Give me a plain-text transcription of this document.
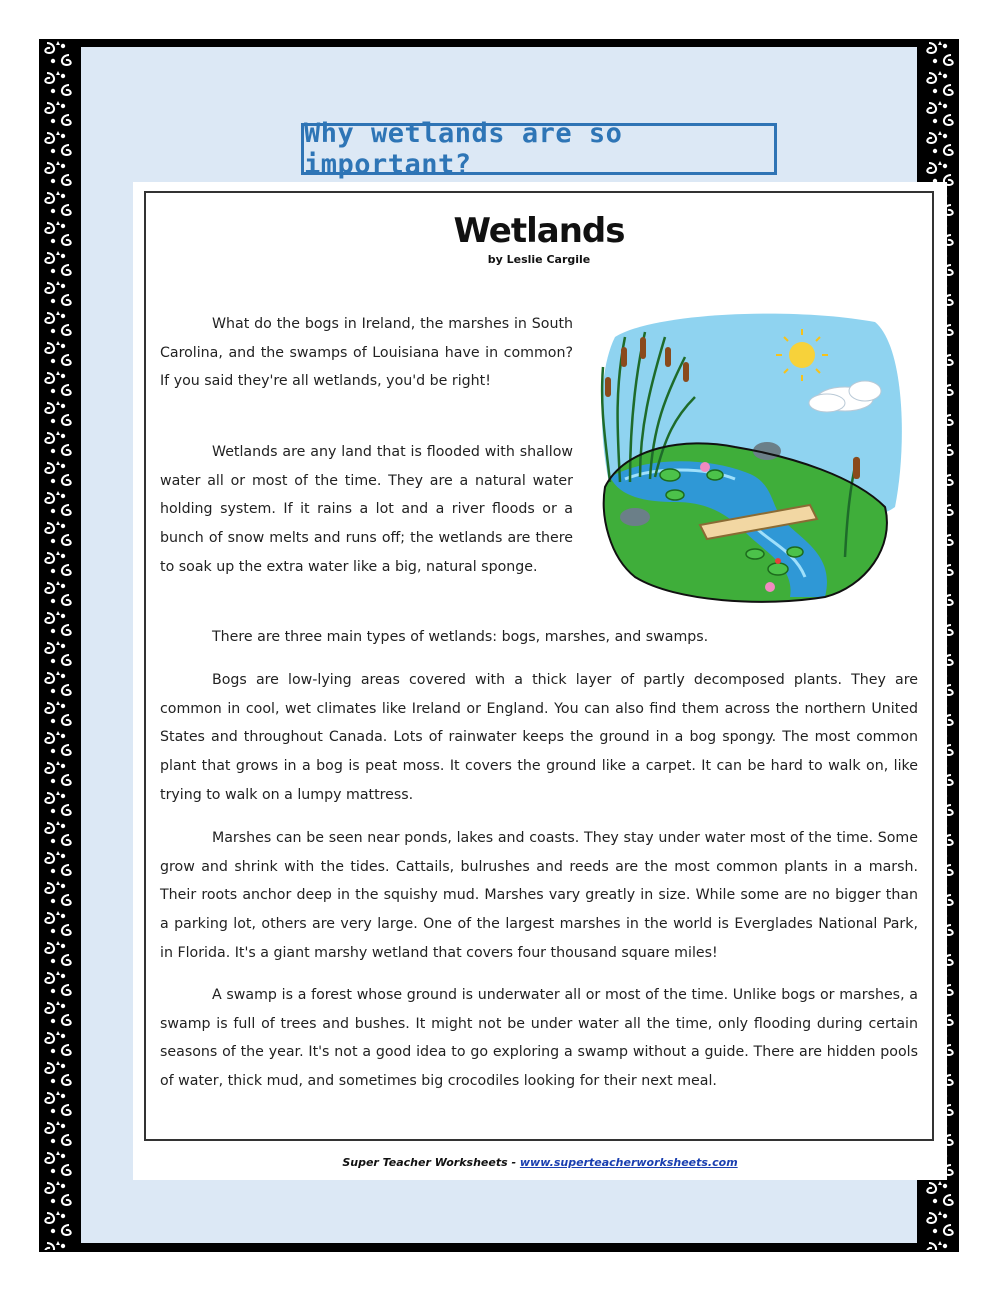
Why wetlands are so important?
Wetlands
by Leslie Cargile

What do the bogs in Ireland, the marshes in South Carolina, and the swamps of Louisiana have in common? If you said they're all wetlands, you'd be right!

Wetlands are any land that is flooded with shallow water all or most of the time. They are a natural water holding system. If it rains a lot and a river floods or a bunch of snow melts and runs off; the wetlands are there to soak up the extra water like a big, natural sponge.

There are three main types of wetlands: bogs, marshes, and swamps.

Bogs are low-lying areas covered with a thick layer of partly decomposed plants. They are common in cool, wet climates like Ireland or England. You can also find them across the northern United States and throughout Canada. Lots of rainwater keeps the ground in a bog spongy. The most common plant that grows in a bog is peat moss. It covers the ground like a carpet. It can be hard to walk on, like trying to walk on a lumpy mattress.

Marshes can be seen near ponds, lakes and coasts. They stay under water most of the time. Some grow and shrink with the tides. Cattails, bulrushes and reeds are the most common plants in a marsh. Their roots anchor deep in the squishy mud. Marshes vary greatly in size. While some are no bigger than a parking lot, others are very large. One of the largest marshes in the world is Everglades National Park, in Florida. It's a giant marshy wetland that covers four thousand square miles!

A swamp is a forest whose ground is underwater all or most of the time. Unlike bogs or marshes, a swamp is full of trees and bushes. It might not be under water all the time, only flooding during certain seasons of the year. It's not a good idea to go exploring a swamp without a guide. There are hidden pools of water, thick mud, and sometimes big crocodiles looking for their next meal.

Super Teacher Worksheets - www.superteacherworksheets.com
